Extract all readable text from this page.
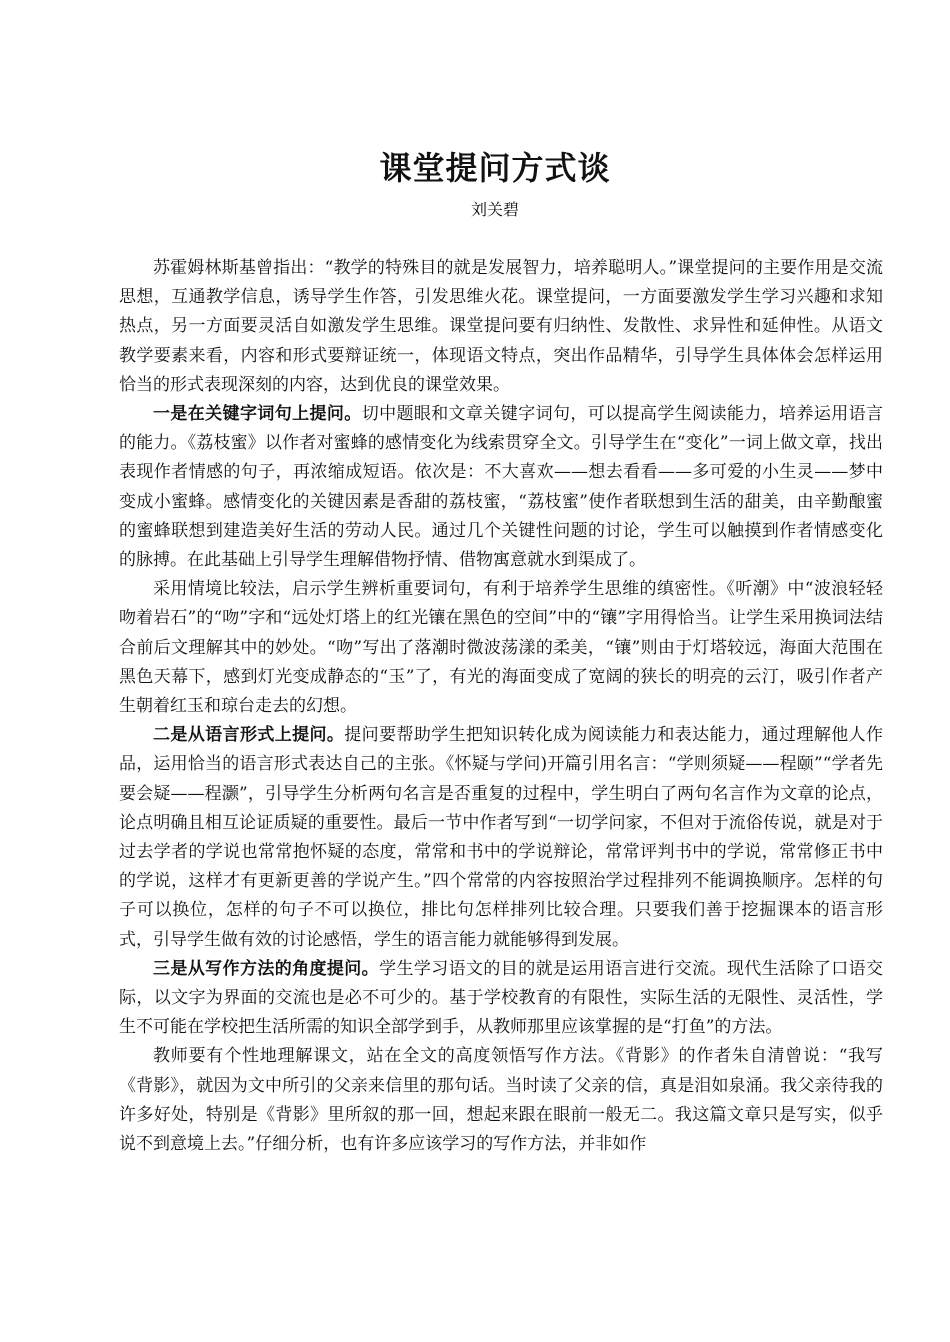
课堂提问方式谈
刘关碧

苏霍姆林斯基曾指出：“教学的特殊目的就是发展智力，培养聪明人。”课堂提问的主要作用是交流思想，互通教学信息，诱导学生作答，引发思维火花。课堂提问，一方面要激发学生学习兴趣和求知热点，另一方面要灵活自如激发学生思维。课堂提问要有归纳性、发散性、求异性和延伸性。从语文教学要素来看，内容和形式要辩证统一，体现语文特点，突出作品精华，引导学生具体体会怎样运用恰当的形式表现深刻的内容，达到优良的课堂效果。

一是在关键字词句上提问。切中题眼和文章关键字词句，可以提高学生阅读能力，培养运用语言的能力。《荔枝蜜》以作者对蜜蜂的感情变化为线索贯穿全文。引导学生在“变化”一词上做文章，找出表现作者情感的句子，再浓缩成短语。依次是：不大喜欢——想去看看——多可爱的小生灵——梦中变成小蜜蜂。感情变化的关键因素是香甜的荔枝蜜，“荔枝蜜”使作者联想到生活的甜美，由辛勤酿蜜的蜜蜂联想到建造美好生活的劳动人民。通过几个关键性问题的讨论，学生可以触摸到作者情感变化的脉搏。在此基础上引导学生理解借物抒情、借物寓意就水到渠成了。

采用情境比较法，启示学生辨析重要词句，有利于培养学生思维的缜密性。《听潮》中“波浪轻轻吻着岩石”的“吻”字和“远处灯塔上的红光镶在黑色的空间”中的“镶”字用得恰当。让学生采用换词法结合前后文理解其中的妙处。“吻”写出了落潮时微波荡漾的柔美，“镶”则由于灯塔较远，海面大范围在黑色天幕下，感到灯光变成静态的“玉”了，有光的海面变成了宽阔的狭长的明亮的云汀，吸引作者产生朝着红玉和琼台走去的幻想。

二是从语言形式上提问。提问要帮助学生把知识转化成为阅读能力和表达能力，通过理解他人作品，运用恰当的语言形式表达自己的主张。《怀疑与学问)开篇引用名言：“学则须疑——程颐”“学者先要会疑——程灏”，引导学生分析两句名言是否重复的过程中，学生明白了两句名言作为文章的论点，论点明确且相互论证质疑的重要性。最后一节中作者写到“一切学问家，不但对于流俗传说，就是对于过去学者的学说也常常抱怀疑的态度，常常和书中的学说辩论，常常评判书中的学说，常常修正书中的学说，这样才有更新更善的学说产生。”四个常常的内容按照治学过程排列不能调换顺序。怎样的句子可以换位，怎样的句子不可以换位，排比句怎样排列比较合理。只要我们善于挖掘课本的语言形式，引导学生做有效的讨论感悟，学生的语言能力就能够得到发展。

三是从写作方法的角度提问。学生学习语文的目的就是运用语言进行交流。现代生活除了口语交际，以文字为界面的交流也是必不可少的。基于学校教育的有限性，实际生活的无限性、灵活性，学生不可能在学校把生活所需的知识全部学到手，从教师那里应该掌握的是“打鱼”的方法。

教师要有个性地理解课文，站在全文的高度领悟写作方法。《背影》的作者朱自清曾说：“我写《背影》，就因为文中所引的父亲来信里的那句话。当时读了父亲的信，真是泪如泉涌。我父亲待我的许多好处，特别是《背影》里所叙的那一回，想起来跟在眼前一般无二。我这篇文章只是写实，似乎说不到意境上去。”仔细分析，也有许多应该学习的写作方法，并非如作
